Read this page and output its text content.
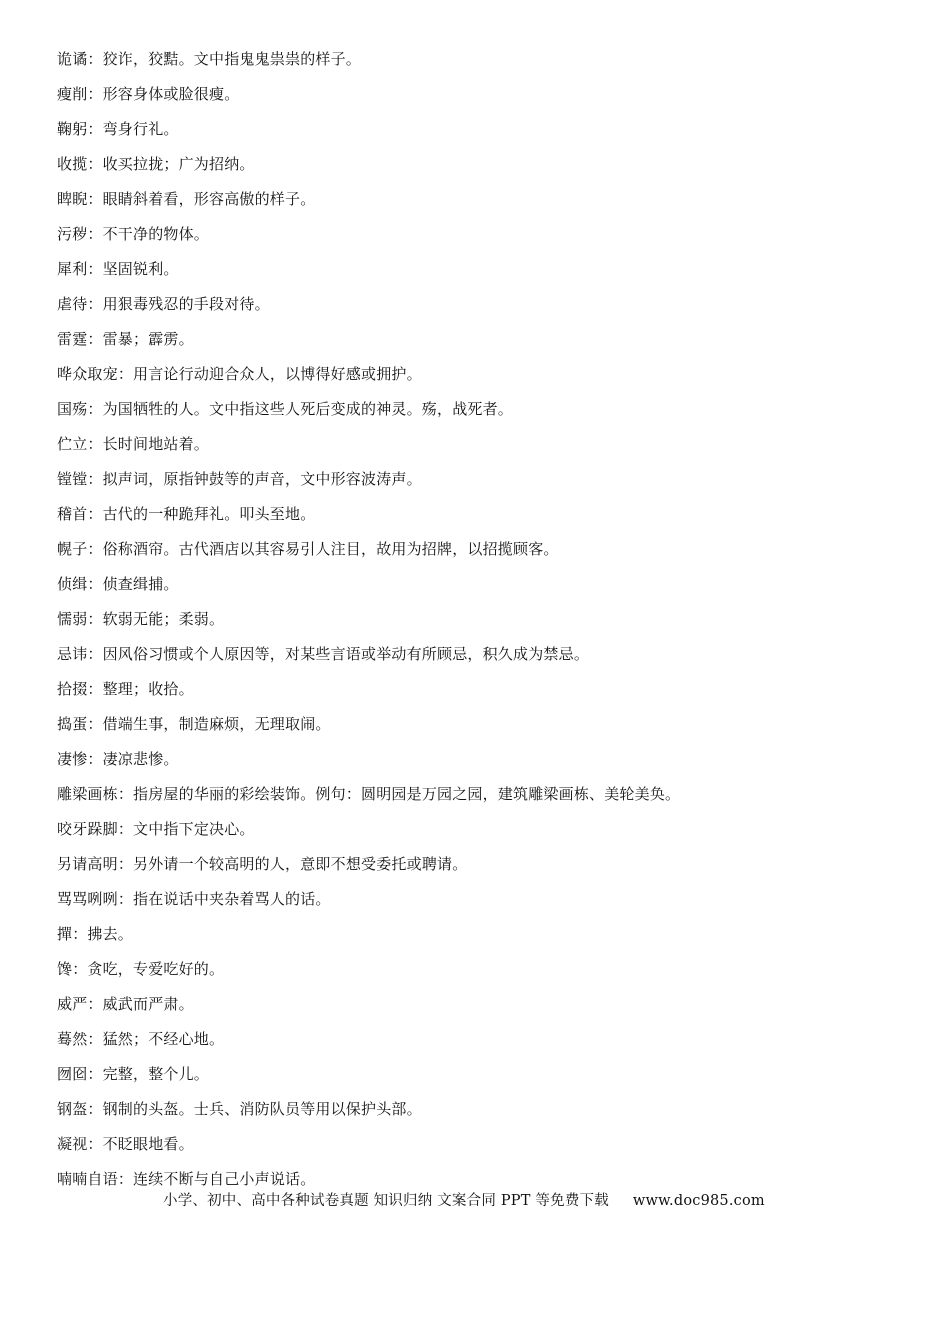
诡谲：狡诈，狡黠。文中指鬼鬼祟祟的样子。
瘦削：形容身体或脸很瘦。
鞠躬：弯身行礼。
收揽：收买拉拢；广为招纳。
睥睨：眼睛斜着看，形容高傲的样子。
污秽：不干净的物体。
犀利：坚固锐利。
虐待：用狠毒残忍的手段对待。
雷霆：雷暴；霹雳。
哗众取宠：用言论行动迎合众人，以博得好感或拥护。
国殇：为国牺牲的人。文中指这些人死后变成的神灵。殇，战死者。
伫立：长时间地站着。
镗镗：拟声词，原指钟鼓等的声音，文中形容波涛声。
稽首：古代的一种跪拜礼。叩头至地。
幌子：俗称酒帘。古代酒店以其容易引人注目，故用为招牌，以招揽顾客。
侦缉：侦查缉捕。
懦弱：软弱无能；柔弱。
忌讳：因风俗习惯或个人原因等，对某些言语或举动有所顾忌，积久成为禁忌。
拾掇：整理；收拾。
捣蛋：借端生事，制造麻烦，无理取闹。
凄惨：凄凉悲惨。
雕梁画栋：指房屋的华丽的彩绘装饰。例句：圆明园是万园之园，建筑雕梁画栋、美轮美奂。
咬牙跺脚：文中指下定决心。
另请高明：另外请一个较高明的人，意即不想受委托或聘请。
骂骂咧咧：指在说话中夹杂着骂人的话。
撣：拂去。
馋：贪吃，专爱吃好的。
威严：威武而严肃。
蓦然：猛然；不经心地。
囫囵：完整，整个儿。
钢盔：钢制的头盔。士兵、消防队员等用以保护头部。
凝视：不眨眼地看。
喃喃自语：连续不断与自己小声说话。
小学、初中、高中各种试卷真题 知识归纳 文案合同 PPT 等免费下载 www.doc985.com
